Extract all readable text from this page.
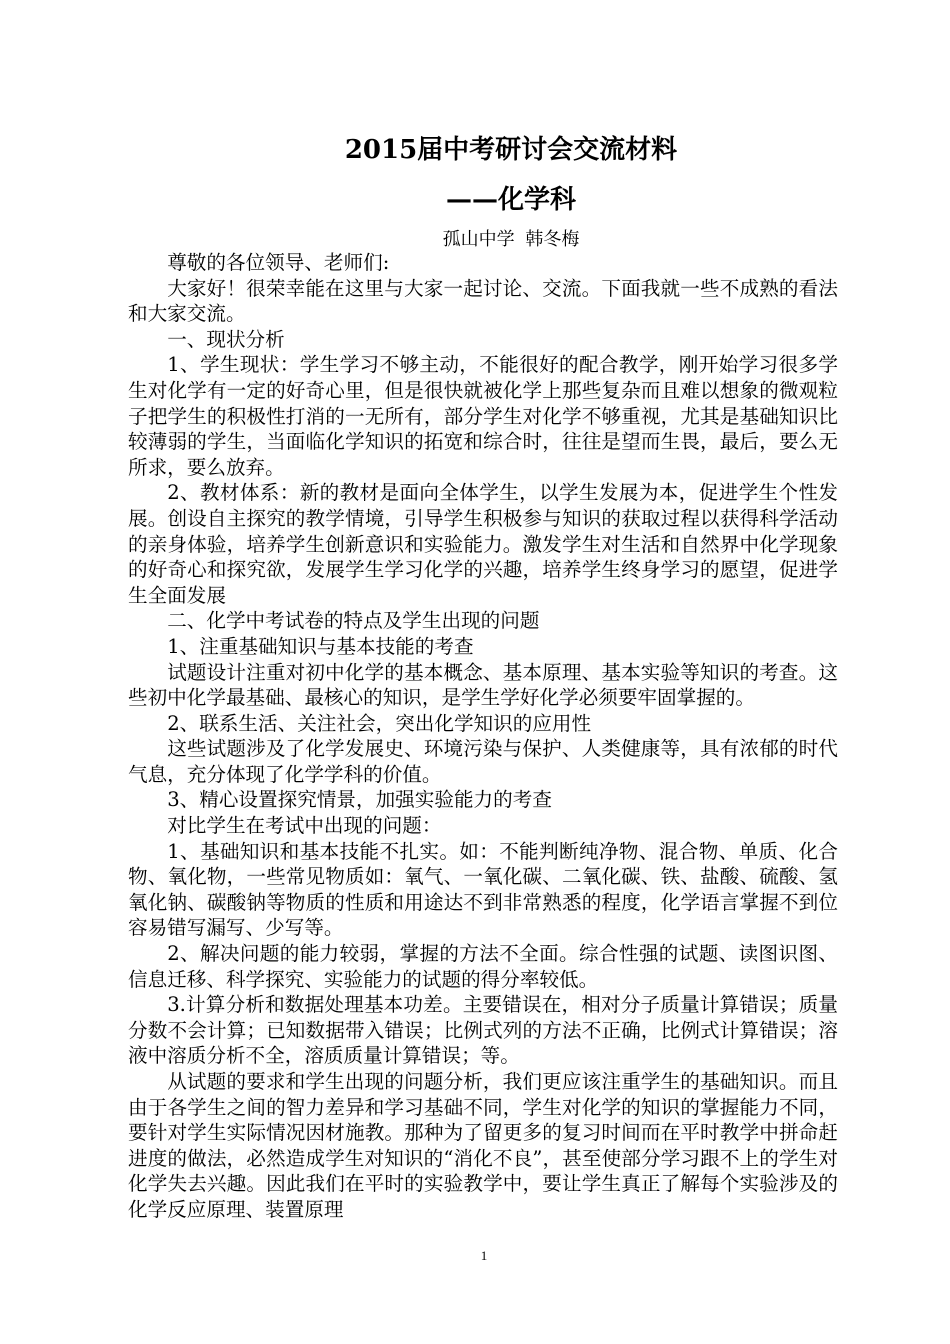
2015届中考研讨会交流材料
——化学科
孤山中学 韩冬梅

尊敬的各位领导、老师们:

大家好！很荣幸能在这里与大家一起讨论、交流。下面我就一些不成熟的看法和大家交流。

一、现状分析

1、学生现状：学生学习不够主动，不能很好的配合教学，刚开始学习很多学生对化学有一定的好奇心里，但是很快就被化学上那些复杂而且难以想象的微观粒子把学生的积极性打消的一无所有，部分学生对化学不够重视，尤其是基础知识比较薄弱的学生，当面临化学知识的拓宽和综合时，往往是望而生畏，最后，要么无所求，要么放弃。

2、教材体系：新的教材是面向全体学生，以学生发展为本，促进学生个性发展。创设自主探究的教学情境，引导学生积极参与知识的获取过程以获得科学活动的亲身体验，培养学生创新意识和实验能力。激发学生对生活和自然界中化学现象的好奇心和探究欲，发展学生学习化学的兴趣，培养学生终身学习的愿望，促进学生全面发展

二、化学中考试卷的特点及学生出现的问题

1、注重基础知识与基本技能的考查

试题设计注重对初中化学的基本概念、基本原理、基本实验等知识的考查。这些初中化学最基础、最核心的知识，是学生学好化学必须要牢固掌握的。

2、联系生活、关注社会，突出化学知识的应用性

这些试题涉及了化学发展史、环境污染与保护、人类健康等，具有浓郁的时代气息，充分体现了化学学科的价值。

3、精心设置探究情景，加强实验能力的考查

对比学生在考试中出现的问题：

1、基础知识和基本技能不扎实。如：不能判断纯净物、混合物、单质、化合物、氧化物，一些常见物质如：氧气、一氧化碳、二氧化碳、铁、盐酸、硫酸、氢氧化钠、碳酸钠等物质的性质和用途达不到非常熟悉的程度，化学语言掌握不到位容易错写漏写、少写等。

2、解决问题的能力较弱，掌握的方法不全面。综合性强的试题、读图识图、信息迁移、科学探究、实验能力的试题的得分率较低。

3.计算分析和数据处理基本功差。主要错误在，相对分子质量计算错误；质量分数不会计算；已知数据带入错误；比例式列的方法不正确，比例式计算错误；溶液中溶质分析不全，溶质质量计算错误；等。

从试题的要求和学生出现的问题分析，我们更应该注重学生的基础知识。而且由于各学生之间的智力差异和学习基础不同，学生对化学的知识的掌握能力不同，要针对学生实际情况因材施教。那种为了留更多的复习时间而在平时教学中拼命赶进度的做法，必然造成学生对知识的“消化不良”，甚至使部分学习跟不上的学生对化学失去兴趣。因此我们在平时的实验教学中，要让学生真正了解每个实验涉及的化学反应原理、装置原理

1
